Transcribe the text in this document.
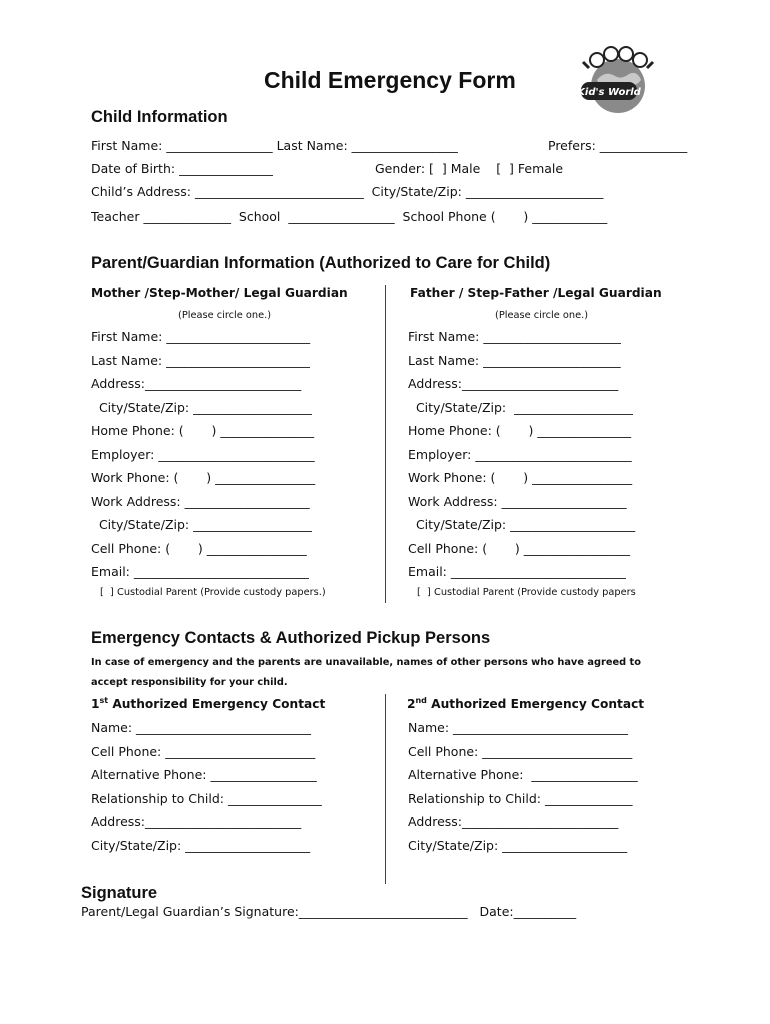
Child Emergency Form	Kid's World
Child Information
First Name: _________________ Last Name: _________________	Prefers: ______________
Date of Birth: _______________	Gender: [  ] Male    [  ] Female
Child’s Address: ___________________________  City/State/Zip: ______________________
Teacher ______________  School  _________________  School Phone (       ) ____________
Parent/Guardian Information (Authorized to Care for Child)
Mother /Step-Mother/ Legal Guardian
(Please circle one.)
First Name: _______________________
Last Name: _______________________
Address:_________________________
City/State/Zip: ___________________
Home Phone: (       ) _______________
Employer: _________________________
Work Phone: (       ) ________________
Work Address: ____________________
City/State/Zip: ___________________
Cell Phone: (       ) ________________
Email: ____________________________
[  ] Custodial Parent (Provide custody papers.)
Father / Step-Father /Legal Guardian
(Please circle one.)
First Name: ______________________
Last Name: ______________________
Address:_________________________
City/State/Zip:  ___________________
Home Phone: (       ) _______________
Employer: _________________________
Work Phone: (       ) ________________
Work Address: ____________________
City/State/Zip: ____________________
Cell Phone: (       ) _________________
Email: ____________________________
[  ] Custodial Parent (Provide custody papers
Emergency Contacts & Authorized Pickup Persons
In case of emergency and the parents are unavailable, names of other persons who have agreed to
accept responsibility for your child.
1st Authorized Emergency Contact
Name: ____________________________
Cell Phone: ________________________
Alternative Phone: _________________
Relationship to Child: _______________
Address:_________________________
City/State/Zip: ____________________
2nd Authorized Emergency Contact
Name: ____________________________
Cell Phone: ________________________
Alternative Phone:  _________________
Relationship to Child: ______________
Address:_________________________
City/State/Zip: ____________________
Signature
Parent/Legal Guardian’s Signature:___________________________   Date:__________
